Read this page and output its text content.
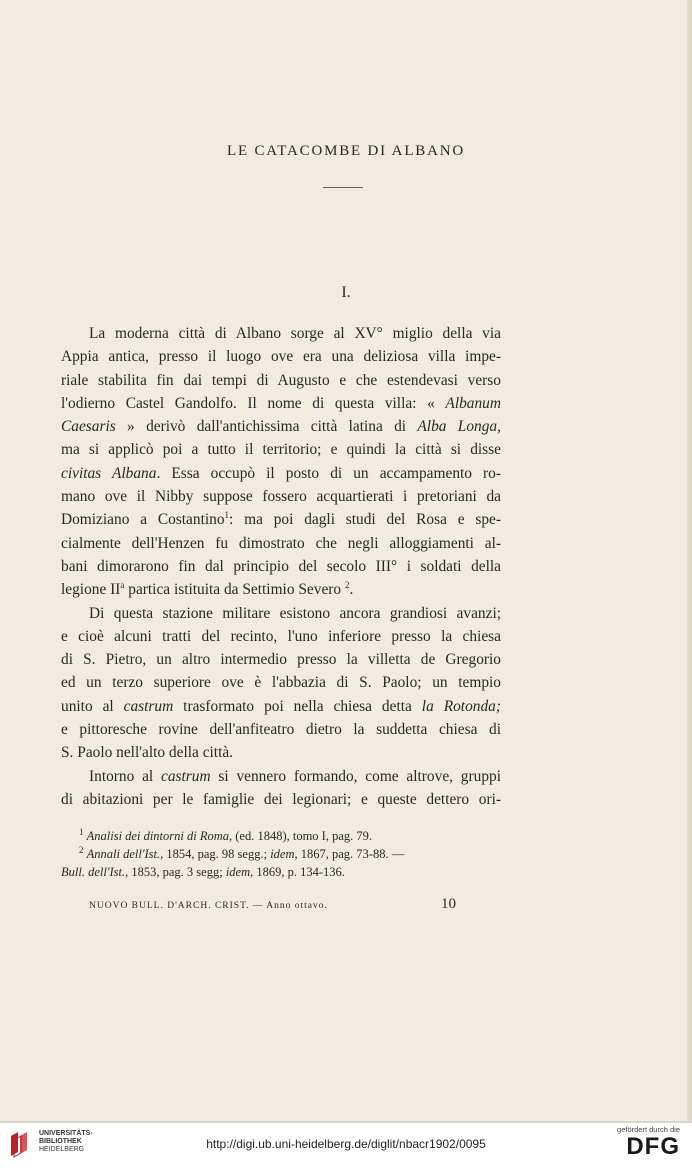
LE CATACOMBE DI ALBANO
I.
La moderna città di Albano sorge al XV° miglio della via
Appia antica, presso il luogo ove era una deliziosa villa impe-
riale stabilita fin dai tempi di Augusto e che estendevasi verso
l'odierno Castel Gandolfo. Il nome di questa villa: « Albanum
Caesaris » derivò dall'antichissima città latina di Alba Longa,
ma si applicò poi a tutto il territorio; e quindi la città si disse
civitas Albana. Essa occupò il posto di un accampamento ro-
mano ove il Nibby suppose fossero acquartierati i pretoriani da
Domiziano a Costantino$^1$: ma poi dagli studi del Rosa e spe-
cialmente dell'Henzen fu dimostrato che negli alloggiamenti al-
bani dimorarono fin dal principio del secolo III° i soldati della
legione $II^a$ partica istituita da Settimio Severo $^2$.
Di questa stazione militare esistono ancora grandiosi avanzi;
e cioè alcuni tratti del recinto, l'uno inferiore presso la chiesa
di S. Pietro, un altro intermedio presso la villetta de Gregorio
ed un terzo superiore ove è l'abbazia di S. Paolo; un tempio
unito al castrum trasformato poi nella chiesa detta la Rotonda;
e pittoresche rovine dell'anfiteatro dietro la suddetta chiesa di
S. Paolo nell'alto della città.
Intorno al castrum si vennero formando, come altrove, gruppi
di abitazioni per le famiglie dei legionari; e queste dettero ori-
$^1$ Analisi dei dintorni di Roma, (ed. 1848), tomo I, pag. 79.
$^2$ Annali dell'Ist., 1854, pag. 98 segg.; idem, 1867, pag. 73-88. —
Bull. dell'Ist., 1853, pag. 3 segg; idem, 1869, p. 134-136.
NUOVO BULL. D'ARCH. CRIST. — Anno ottavo.	10
UNIVERSITÄTS-
BIBLIOTHEK
HEIDELBERG	http://digi.ub.uni-heidelberg.de/diglit/nbacr1902/0095
gefördert durch die
DFG
